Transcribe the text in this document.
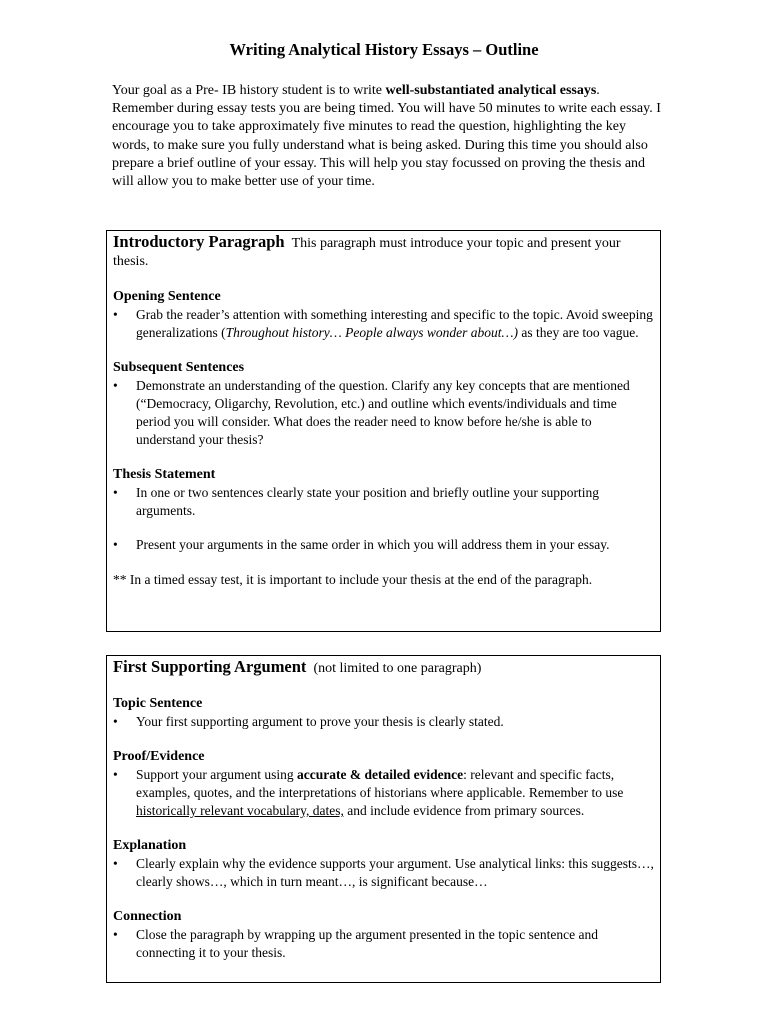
Writing Analytical History Essays – Outline
Your goal as a Pre- IB history student is to write well-substantiated analytical essays. Remember during essay tests you are being timed. You will have 50 minutes to write each essay. I encourage you to take approximately five minutes to read the question, highlighting the key words, to make sure you fully understand what is being asked. During this time you should also prepare a brief outline of your essay. This will help you stay focussed on proving the thesis and will allow you to make better use of your time.
Introductory Paragraph This paragraph must introduce your topic and present your thesis.
Opening Sentence
•	Grab the reader’s attention with something interesting and specific to the topic. Avoid sweeping generalizations (Throughout history… People always wonder about…) as they are too vague.
Subsequent Sentences
•	Demonstrate an understanding of the question. Clarify any key concepts that are mentioned (“Democracy, Oligarchy, Revolution, etc.) and outline which events/individuals and time period you will consider. What does the reader need to know before he/she is able to understand your thesis?
Thesis Statement
•	In one or two sentences clearly state your position and briefly outline your supporting arguments.
•	Present your arguments in the same order in which you will address them in your essay.
** In a timed essay test, it is important to include your thesis at the end of the paragraph.
First Supporting Argument (not limited to one paragraph)
Topic Sentence
•	Your first supporting argument to prove your thesis is clearly stated.
Proof/Evidence
•	Support your argument using accurate & detailed evidence: relevant and specific facts, examples, quotes, and the interpretations of historians where applicable. Remember to use historically relevant vocabulary, dates, and include evidence from primary sources.
Explanation
•	Clearly explain why the evidence supports your argument. Use analytical links: this suggests…, clearly shows…, which in turn meant…, is significant because…
Connection
•	Close the paragraph by wrapping up the argument presented in the topic sentence and connecting it to your thesis.
